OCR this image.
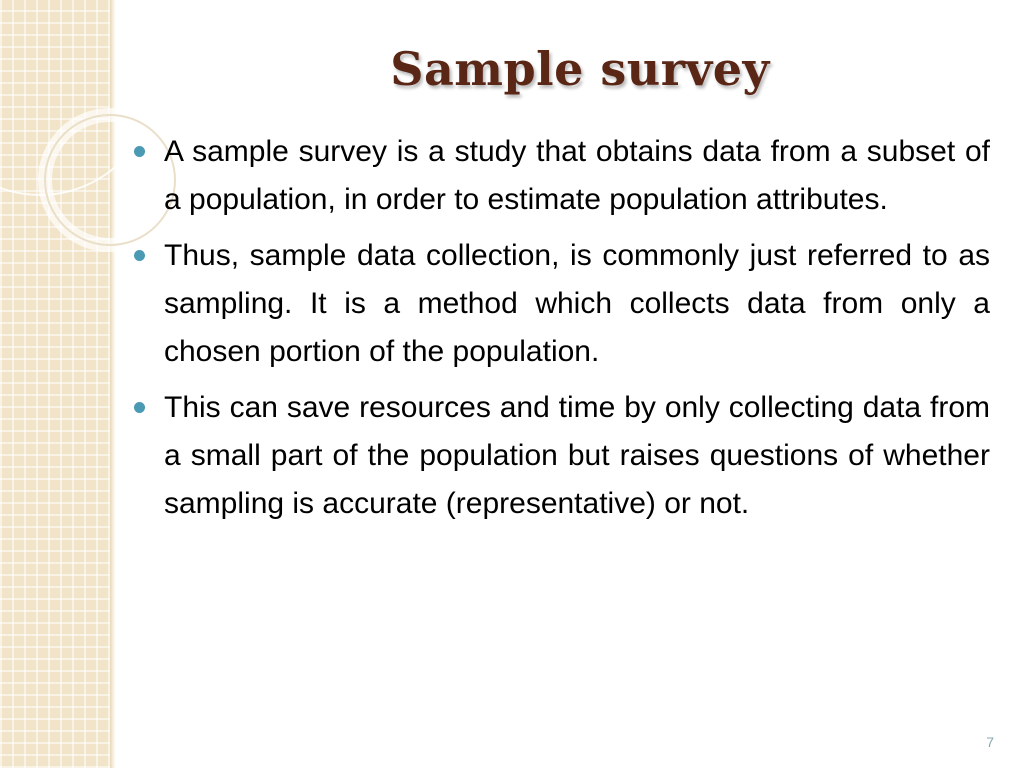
Sample survey
A sample survey is a study that obtains data from a subset of a population, in order to estimate population attributes.
Thus, sample data collection, is commonly just referred to as sampling. It is a method which collects data from only a chosen portion of the population.
This can save resources and time by only collecting data from a small part of the population but raises questions of whether sampling is accurate (representative) or not.
7
